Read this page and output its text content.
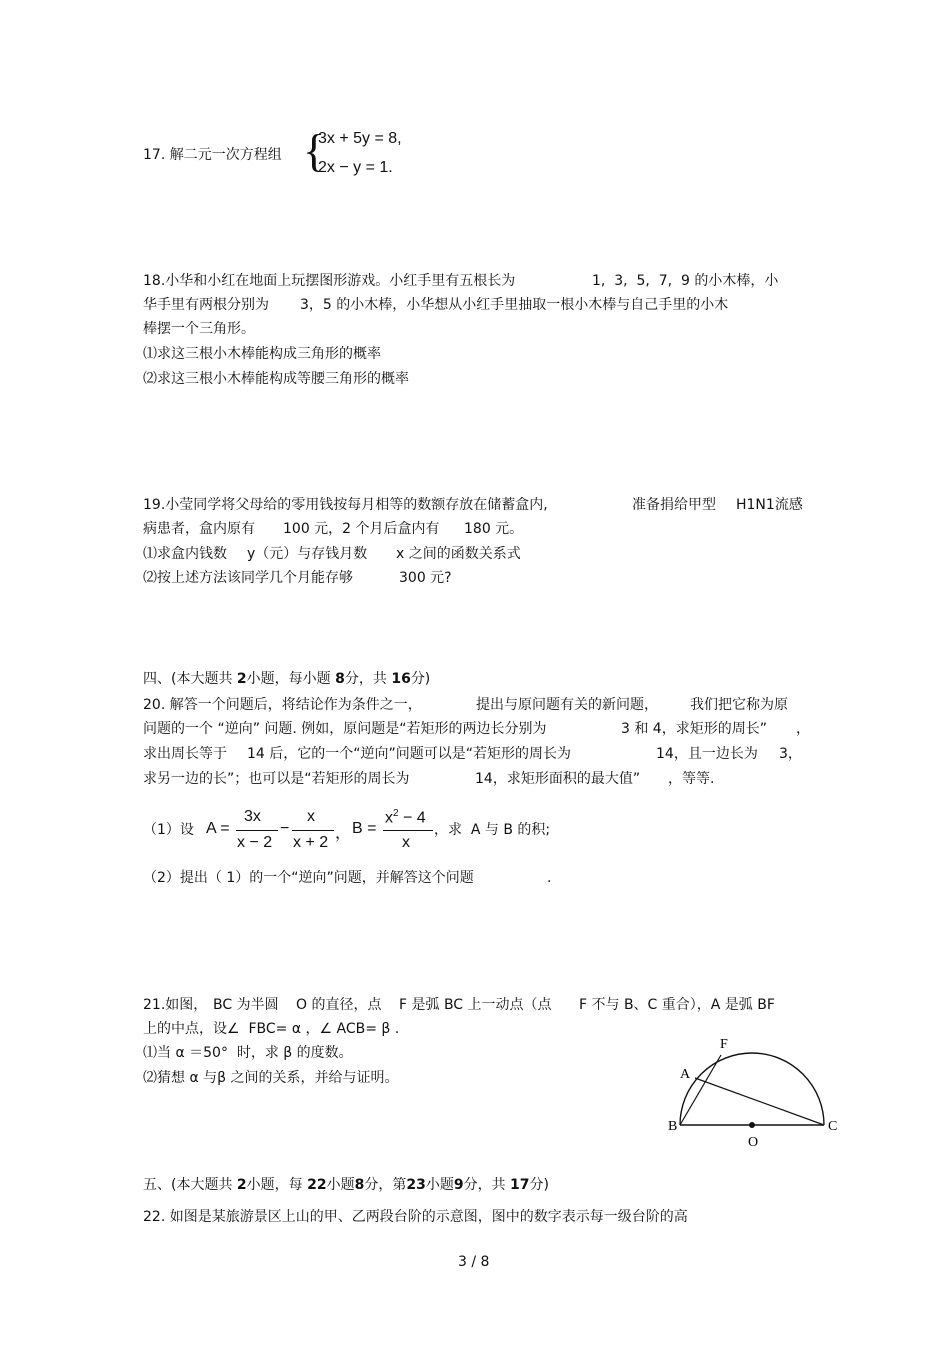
17. 解二元一次方程组 {
3x + 5y = 8,
2x − y = 1.
18.小华和小红在地面上玩摆图形游戏。小红手里有五根长为	1,  3,  5,  7,  9 的小木棒，小
华手里有两根分别为 3，5 的小木棒，小华想从小红手里抽取一根小木棒与自己手里的小木
棒摆一个三角形。
⑴求这三根小木棒能构成三角形的概率
⑵求这三根小木棒能构成等腰三角形的概率
19.小莹同学将父母给的零用钱按每月相等的数额存放在储蓄盒内,	准备捐给甲型 H1N1流感
病患者，盒内原有 100 元，2 个月后盒内有 180 元。
⑴求盒内钱数 y（元）与存钱月数 x 之间的函数关系式
⑵按上述方法该同学几个月能存够	300 元?
四、(本大题共 2小题，每小题 8分，共 16分)
20. 解答一个问题后，将结论作为条件之一，	提出与原问题有关的新问题， 我们把它称为原
问题的一个 “逆向” 问题. 例如，原问题是“若矩形的两边长分别为	3 和 4，求矩形的周长” ，
求出周长等于 14 后，它的一个“逆向”问题可以是“若矩形的周长为	14，且一边长为 3，
求另一边的长”；也可以是“若矩形的周长为	14，求矩形面积的最大值” ，等等.
（1）设 A =
3x
x − 2
−
x
x + 2
， B =
$x^2 - 4$
x
，求  A 与 B 的积;
（2）提出（ 1）的一个“逆向”问题，并解答这个问题	.
21.如图， BC 为半圆 O 的直径，点 F 是弧 BC 上一动点（点 F 不与 B、C 重合），A 是弧 BF
上的中点，设∠  FBC= α ，∠ ACB= β .
⑴当 α ＝50°  时，求 β 的度数。
⑵猜想 α 与β 之间的关系，并给与证明。
F
A
B	C
O
五、(本大题共 2小题，每 22小题8分，第23小题9分，共 17分)
22. 如图是某旅游景区上山的甲、乙两段台阶的示意图，图中的数字表示每一级台阶的高
3 / 8
